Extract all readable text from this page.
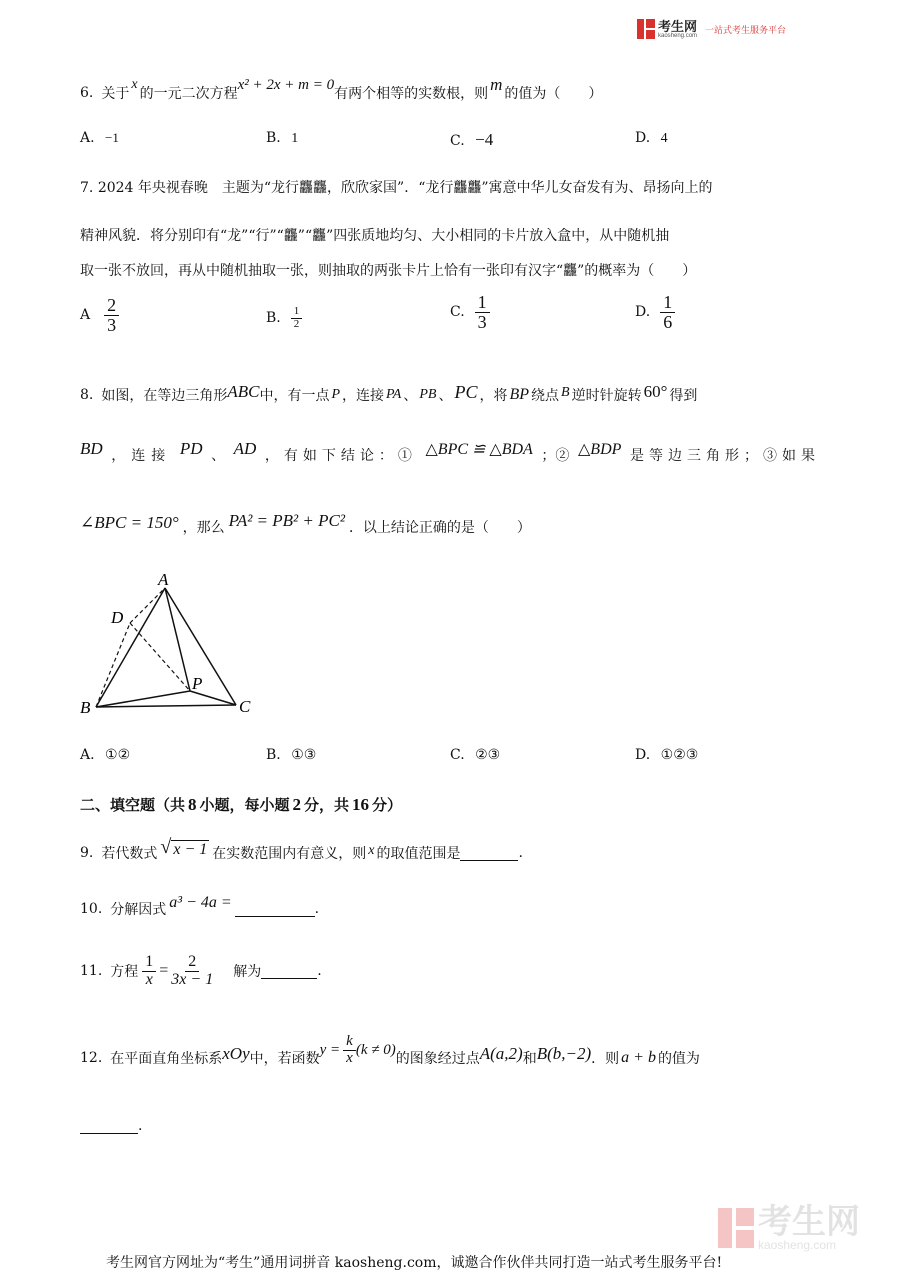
考生网
kaosheng.com
一站式考生服务平台
6. 关于
x
的一元二次方程
x² + 2x + m = 0
有两个相等的实数根，则 m 的值为（　　）
A. −1	B. 1	C. −4	D. 4
7. 2024 年央视春晚　主题为“龙行龘龘，欣欣家国”．“龙行龘龘”寓意中华儿女奋发有为、昂扬向上的
精神风貌．将分别印有“龙”“行”“龘”“龘”四张质地均匀、大小相同的卡片放入盒中，从中随机抽
取一张不放回，再从中随机抽取一张，则抽取的两张卡片上恰有一张印有汉字“龘”的概率为（　　）
A $\frac{2}{3}$	B. $\frac{1}{2}$	C. $\frac{1}{3}$	D. $\frac{1}{6}$
8. 如图，在等边三角形 ABC 中，有一点 P ，连接 PA 、 PB 、 PC ，将 BP 绕点 B 逆时针旋转 60° 得到
BD ，连接 PD 、 AD ，有如下结论：① △BPC ≌ △BDA ；② △BDP 是等边三角形；③如果
∠BPC = 150° ，那么 PA² = PB² + PC² ．以上结论正确的是（　　）
A
D
P
B	C
A. ①②	B. ①③	C. ②③	D. ①②③
二、填空题（共 8 小题，每小题 2 分，共 16 分）
9. 若代数式 √ x − 1 在实数范围内有意义，则 x 的取值范围是	.
10. 分解因式 a³ − 4a =	.
11. 方程 $\frac{1}{x} = \frac{2}{3x - 1}$ 解为	.
12. 在平面直角坐标系 xOy 中，若函数
$y = \frac{k}{x} (k \ne 0)$
的图象经过点 A(a,2) 和 B(b,−2) ．则 a + b 的值为
.
考生网
kaosheng.com
考生网官方网址为“考生”通用词拼音 kaosheng.com，诚邀合作伙伴共同打造一站式考生服务平台!
